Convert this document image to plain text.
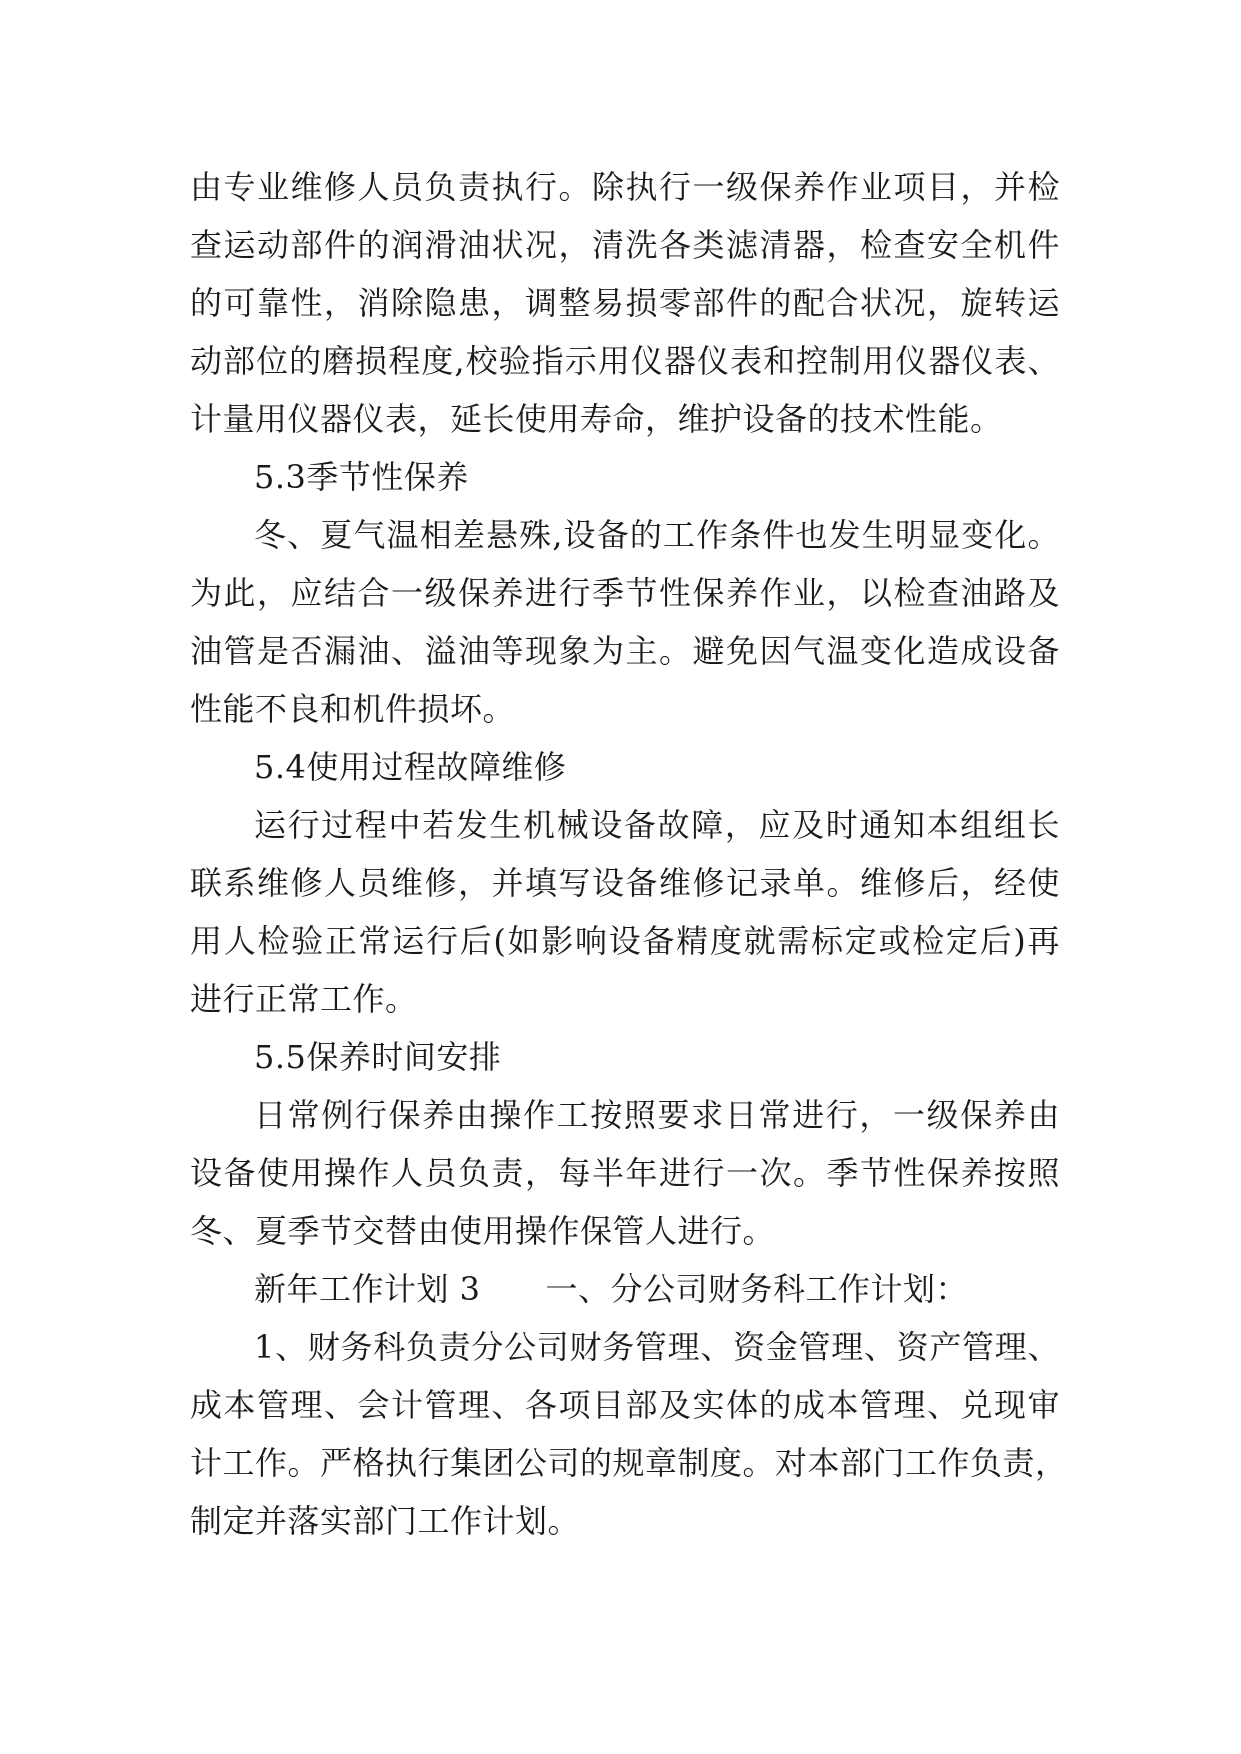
由专业维修人员负责执行。除执行一级保养作业项目，并检
查运动部件的润滑油状况，清洗各类滤清器，检查安全机件
的可靠性，消除隐患，调整易损零部件的配合状况，旋转运
动部位的磨损程度,校验指示用仪器仪表和控制用仪器仪表、
计量用仪器仪表，延长使用寿命，维护设备的技术性能。
5.3季节性保养
冬、夏气温相差悬殊,设备的工作条件也发生明显变化。
为此，应结合一级保养进行季节性保养作业，以检查油路及
油管是否漏油、溢油等现象为主。避免因气温变化造成设备
性能不良和机件损坏。
5.4使用过程故障维修
运行过程中若发生机械设备故障，应及时通知本组组长
联系维修人员维修，并填写设备维修记录单。维修后，经使
用人检验正常运行后(如影响设备精度就需标定或检定后)再
进行正常工作。
5.5保养时间安排
日常例行保养由操作工按照要求日常进行，一级保养由
设备使用操作人员负责，每半年进行一次。季节性保养按照
冬、夏季节交替由使用操作保管人进行。
新年工作计划 3　　一、分公司财务科工作计划：
1、财务科负责分公司财务管理、资金管理、资产管理、
成本管理、会计管理、各项目部及实体的成本管理、兑现审
计工作。严格执行集团公司的规章制度。对本部门工作负责，
制定并落实部门工作计划。
